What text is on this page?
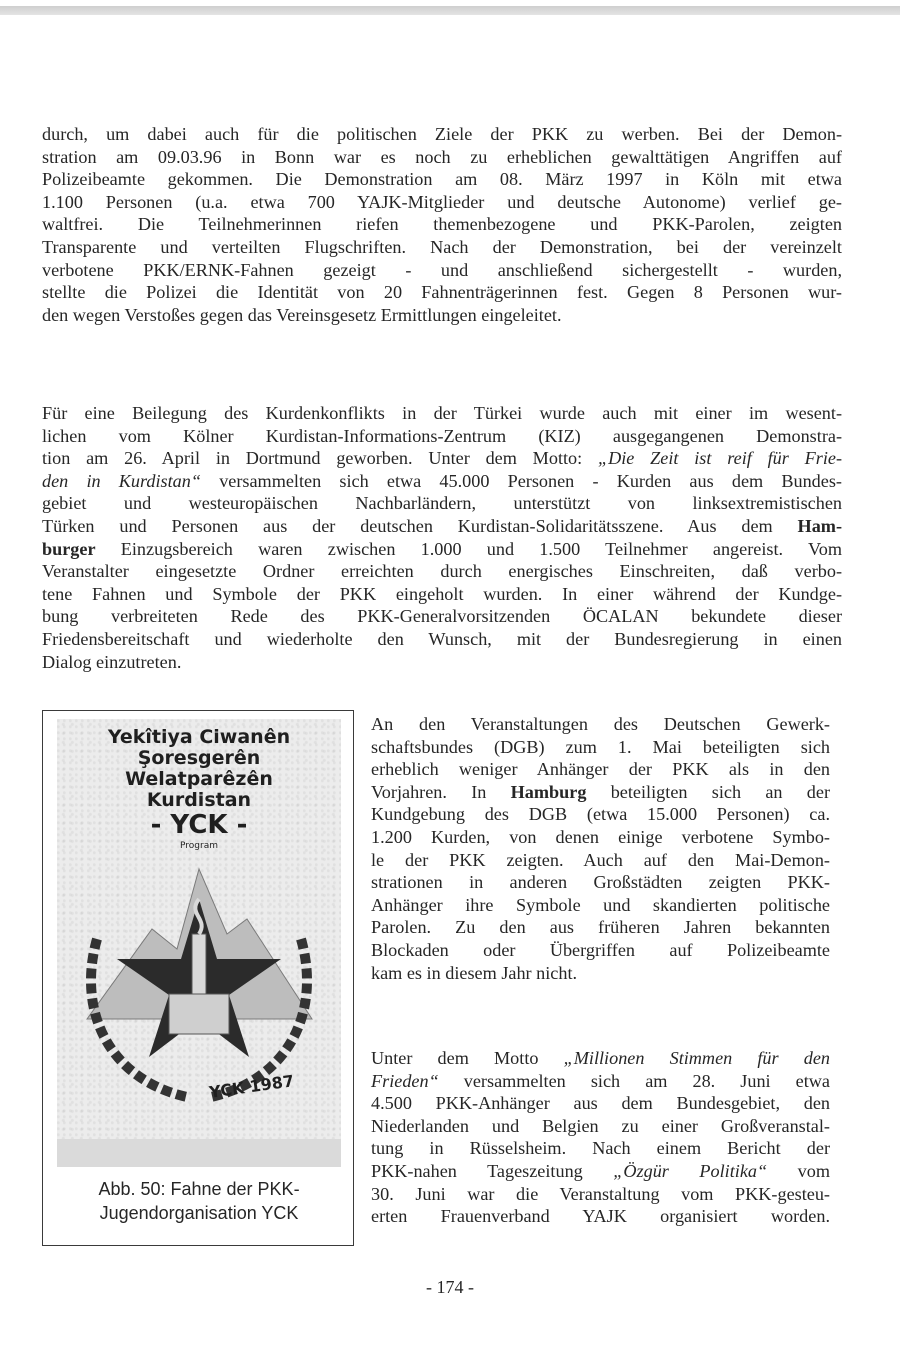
durch, um dabei auch für die politischen Ziele der PKK zu werben. Bei der Demon-
stration am 09.03.96 in Bonn war es noch zu erheblichen gewalttätigen Angriffen auf
Polizeibeamte gekommen. Die Demonstration am 08. März 1997 in Köln mit etwa
1.100 Personen (u.a. etwa 700 YAJK-Mitglieder und deutsche Autonome) verlief ge-
waltfrei. Die Teilnehmerinnen riefen themenbezogene und PKK-Parolen, zeigten
Transparente und verteilten Flugschriften. Nach der Demonstration, bei der vereinzelt
verbotene PKK/ERNK-Fahnen gezeigt - und anschließend sichergestellt - wurden,
stellte die Polizei die Identität von 20 Fahnenträgerinnen fest. Gegen 8 Personen wur-
den wegen Verstoßes gegen das Vereinsgesetz Ermittlungen eingeleitet.
Für eine Beilegung des Kurdenkonflikts in der Türkei wurde auch mit einer im wesent-
lichen vom Kölner Kurdistan-Informations-Zentrum (KIZ) ausgegangenen Demonstra-
tion am 26. April in Dortmund geworben. Unter dem Motto: „Die Zeit ist reif für Frie-
den in Kurdistan“ versammelten sich etwa 45.000 Personen - Kurden aus dem Bundes-
gebiet und westeuropäischen Nachbarländern, unterstützt von linksextremistischen
Türken und Personen aus der deutschen Kurdistan-Solidaritätsszene. Aus dem Ham-
burger Einzugsbereich waren zwischen 1.000 und 1.500 Teilnehmer angereist. Vom
Veranstalter eingesetzte Ordner erreichten durch energisches Einschreiten, daß verbo-
tene Fahnen und Symbole der PKK eingeholt wurden. In einer während der Kundge-
bung verbreiteten Rede des PKK-Generalvorsitzenden ÖCALAN bekundete dieser
Friedensbereitschaft und wiederholte den Wunsch, mit der Bundesregierung in einen
Dialog einzutreten.
Yekîtiya Ciwanên
Şoresgerên
Welatparêzên
Kurdistan
- YCK -
Program
YCK 1987
Abb. 50: Fahne der PKK-
Jugendorganisation YCK
An den Veranstaltungen des Deutschen Gewerk-
schaftsbundes (DGB) zum 1. Mai beteiligten sich
erheblich weniger Anhänger der PKK als in den
Vorjahren. In Hamburg beteiligten sich an der
Kundgebung des DGB (etwa 15.000 Personen) ca.
1.200 Kurden, von denen einige verbotene Symbo-
le der PKK zeigten. Auch auf den Mai-Demon-
strationen in anderen Großstädten zeigten PKK-
Anhänger ihre Symbole und skandierten politische
Parolen. Zu den aus früheren Jahren bekannten
Blockaden oder Übergriffen auf Polizeibeamte
kam es in diesem Jahr nicht.
Unter dem Motto „Millionen Stimmen für den
Frieden“ versammelten sich am 28. Juni etwa
4.500 PKK-Anhänger aus dem Bundesgebiet, den
Niederlanden und Belgien zu einer Großveranstal-
tung in Rüsselsheim. Nach einem Bericht der
PKK-nahen Tageszeitung „Özgür Politika“ vom
30. Juni war die Veranstaltung vom PKK-gesteu-
erten Frauenverband YAJK organisiert worden.
- 174 -
